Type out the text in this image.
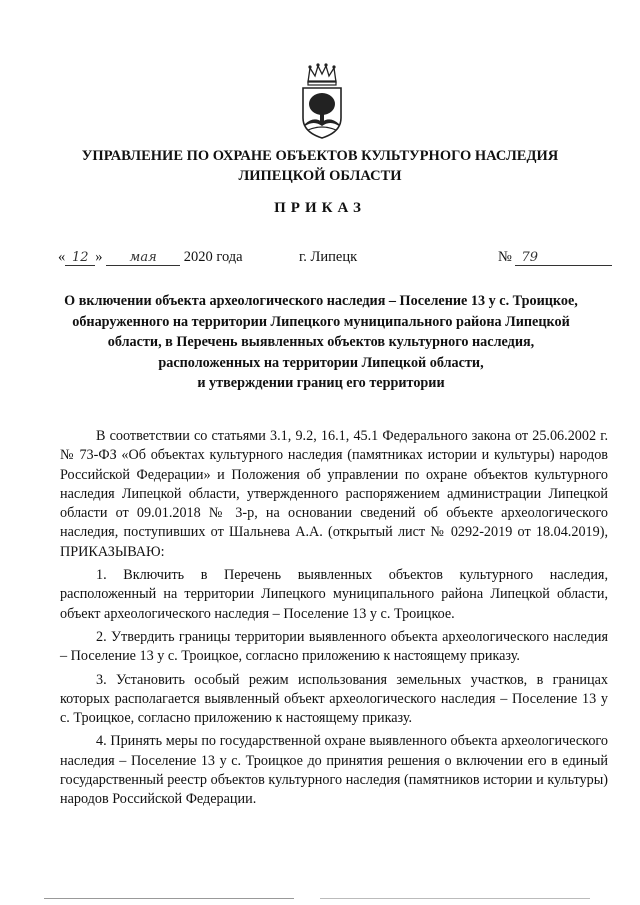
УПРАВЛЕНИЕ ПО ОХРАНЕ ОБЪЕКТОВ КУЛЬТУРНОГО НАСЛЕДИЯ
ЛИПЕЦКОЙ ОБЛАСТИ
ПРИКАЗ
« 12 » мая 2020 года	г. Липецк	№ 79
О включении объекта археологического наследия – Поселение 13 у с. Троицкое,
обнаруженного на территории Липецкого муниципального района Липецкой
области, в Перечень выявленных объектов культурного наследия,
расположенных на территории Липецкой области,
и утверждении границ его территории

В соответствии со статьями 3.1, 9.2, 16.1, 45.1 Федерального закона от 25.06.2002 г. № 73-ФЗ «Об объектах культурного наследия (памятниках истории и культуры) народов Российской Федерации» и Положения об управлении по охране объектов культурного наследия Липецкой области, утвержденного распоряжением администрации Липецкой области от 09.01.2018 № 3-р, на основании сведений об объекте археологического наследия, поступивших от Шальнева А.А. (открытый лист № 0292-2019 от 18.04.2019), ПРИКАЗЫВАЮ:

1. Включить в Перечень выявленных объектов культурного наследия, расположенный на территории Липецкого муниципального района Липецкой области, объект археологического наследия – Поселение 13 у с. Троицкое.

2. Утвердить границы территории выявленного объекта археологического наследия – Поселение 13 у с. Троицкое, согласно приложению к настоящему приказу.

3. Установить особый режим использования земельных участков, в границах которых располагается выявленный объект археологического наследия – Поселение 13 у с. Троицкое, согласно приложению к настоящему приказу.

4. Принять меры по государственной охране выявленного объекта археологического наследия – Поселение 13 у с. Троицкое до принятия решения о включении его в единый государственный реестр объектов культурного наследия (памятников истории и культуры) народов Российской Федерации.
